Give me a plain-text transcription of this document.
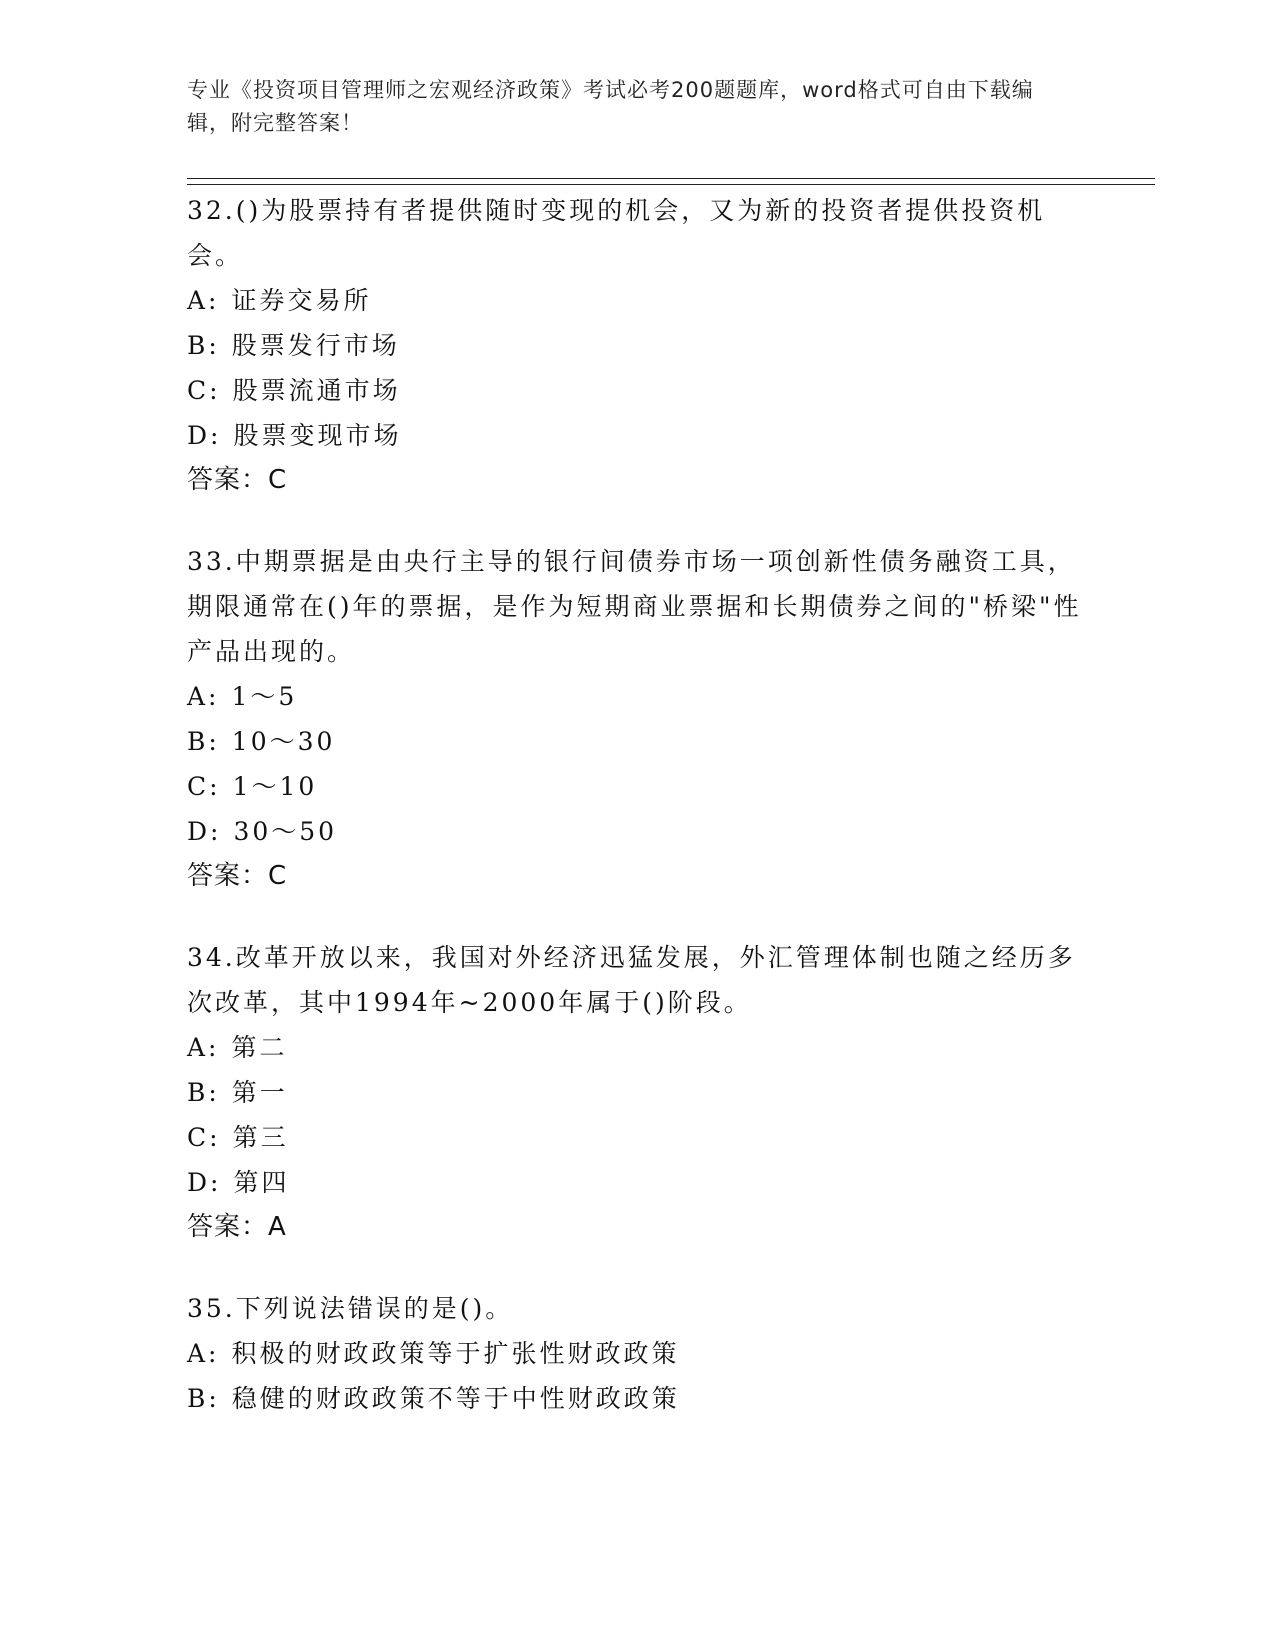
专业《投资项目管理师之宏观经济政策》考试必考200题题库，word格式可自由下载编辑，附完整答案！

32.()为股票持有者提供随时变现的机会，又为新的投资者提供投资机会。

A: 证券交易所

B: 股票发行市场

C: 股票流通市场

D: 股票变现市场

答案：C

33.中期票据是由央行主导的银行间债券市场一项创新性债务融资工具，期限通常在()年的票据，是作为短期商业票据和长期债券之间的"桥梁"性产品出现的。

A: 1～5

B: 10～30

C: 1～10

D: 30～50

答案：C

34.改革开放以来，我国对外经济迅猛发展，外汇管理体制也随之经历多次改革，其中1994年~2000年属于()阶段。

A: 第二

B: 第一

C: 第三

D: 第四

答案：A

35.下列说法错误的是()。

A: 积极的财政政策等于扩张性财政政策

B: 稳健的财政政策不等于中性财政政策
